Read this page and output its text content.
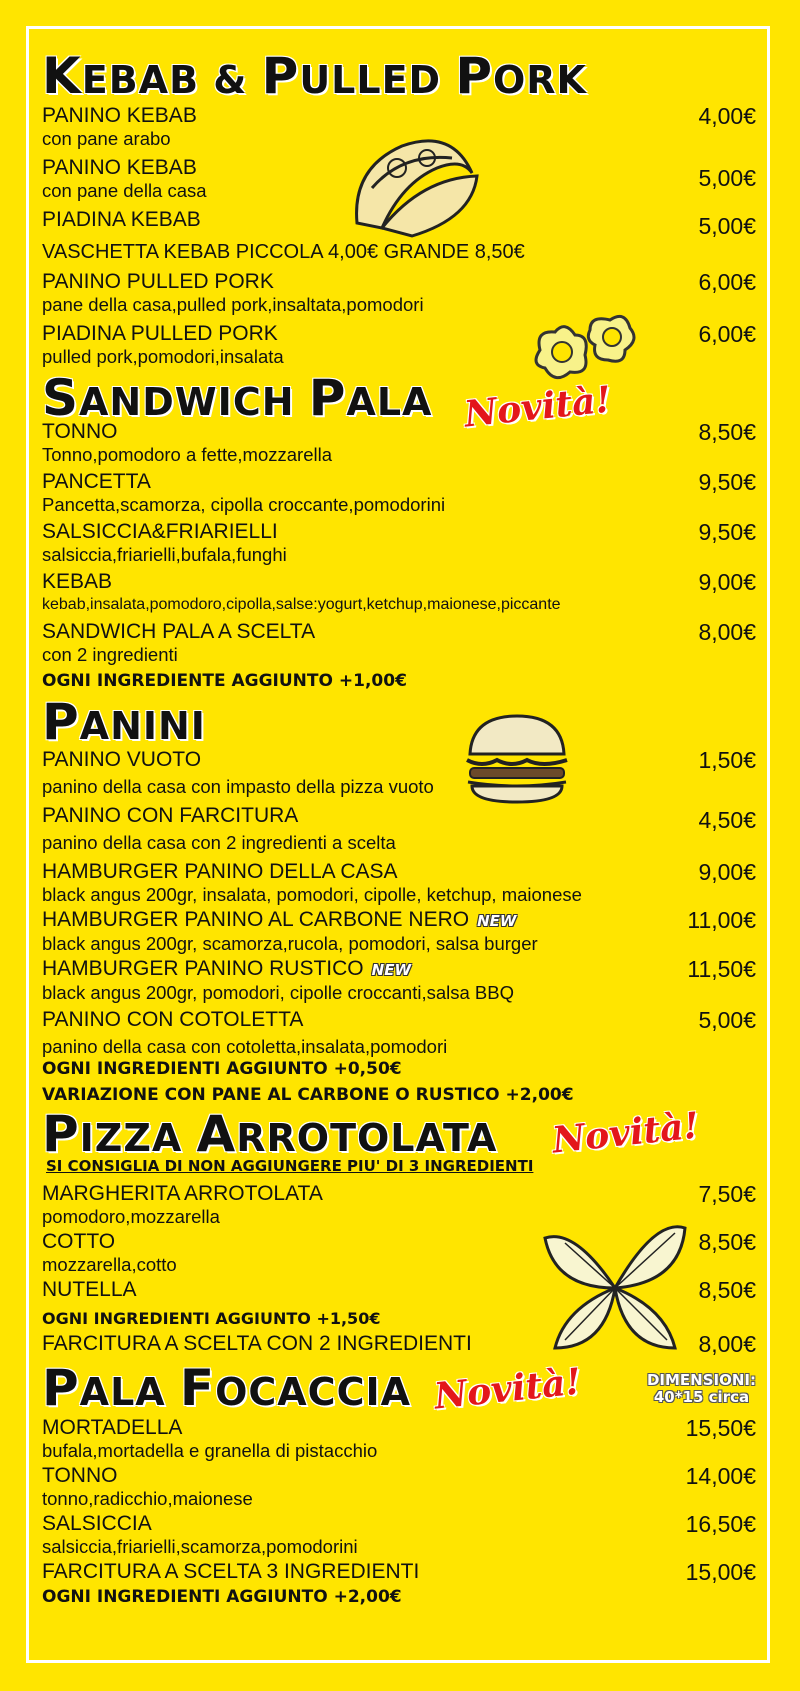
KEBAB & PULLED PORK
PANINO KEBAB
con pane arabo
4,00€
PANINO KEBAB
con pane della casa	5,00€
PIADINA KEBAB	5,00€
VASCHETTA KEBAB PICCOLA 4,00€ GRANDE 8,50€
PANINO PULLED PORK
pane della casa,pulled pork,insaltata,pomodori
6,00€
PIADINA PULLED PORK
pulled pork,pomodori,insalata
6,00€
SANDWICH PALA Novità!
TONNO
Tonno,pomodoro a fette,mozzarella
8,50€
PANCETTA
Pancetta,scamorza, cipolla croccante,pomodorini
9,50€
SALSICCIA&FRIARIELLI
salsiccia,friarielli,bufala,funghi
9,50€
KEBAB
kebab,insalata,pomodoro,cipolla,salse:yogurt,ketchup,maionese,piccante
9,00€
SANDWICH PALA A SCELTA
con 2 ingredienti
8,00€
OGNI INGREDIENTE AGGIUNTO +1,00€
PANINI
PANINO VUOTO
panino della casa con impasto della pizza vuoto
1,50€
PANINO CON FARCITURA
panino della casa con 2 ingredienti a scelta
4,50€
HAMBURGER PANINO DELLA CASA
black angus 200gr, insalata, pomodori, cipolle, ketchup, maionese
9,00€
HAMBURGER PANINO AL CARBONE NERO NEW
black angus 200gr, scamorza,rucola, pomodori, salsa burger
11,00€
HAMBURGER PANINO RUSTICO NEW
black angus 200gr, pomodori, cipolle croccanti,salsa BBQ
11,50€
PANINO CON COTOLETTA
panino della casa con cotoletta,insalata,pomodori
5,00€
OGNI INGREDIENTI AGGIUNTO +0,50€
VARIAZIONE CON PANE AL CARBONE O RUSTICO +2,00€
PIZZA ARROTOLATA	Novità!
SI CONSIGLIA DI NON AGGIUNGERE PIU' DI 3 INGREDIENTI
MARGHERITA ARROTOLATA
pomodoro,mozzarella
7,50€
COTTO
mozzarella,cotto
8,50€
NUTELLA	8,50€
OGNI INGREDIENTI AGGIUNTO +1,50€
FARCITURA A SCELTA CON 2 INGREDIENTI	8,00€
PALA FOCACCIA Novità!	DIMENSIONI:
40*15 circa
MORTADELLA
bufala,mortadella e granella di pistacchio
15,50€
TONNO
tonno,radicchio,maionese
14,00€
SALSICCIA
salsiccia,friarielli,scamorza,pomodorini
16,50€
FARCITURA A SCELTA 3 INGREDIENTI	15,00€
OGNI INGREDIENTI AGGIUNTO +2,00€
